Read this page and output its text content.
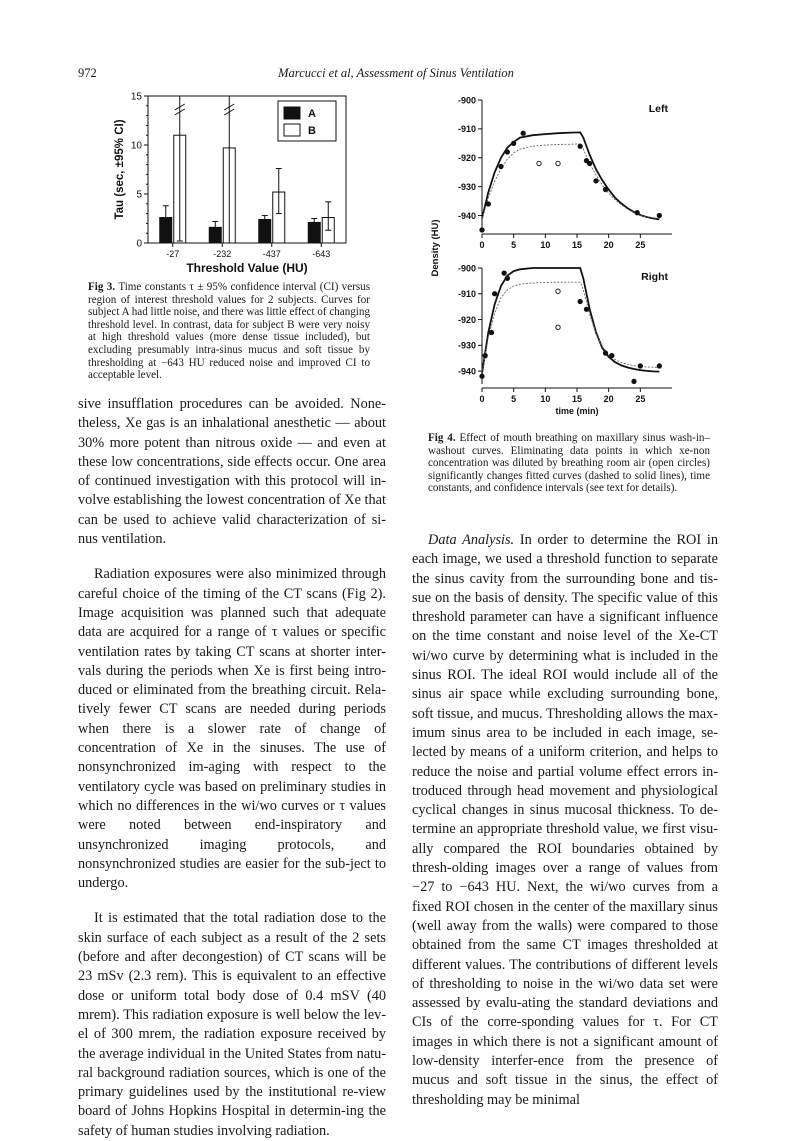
972	Marcucci et al, Assessment of Sinus Ventilation
0
5
10
15
-27	-232	-437	-643
A
B
Threshold Value (HU)
Tau (sec, ±95% CI)
Fig 3. Time constants τ ± 95% confidence interval (CI) versus region of interest threshold values for 2 subjects. Curves for subject A had little noise, and there was little effect of changing threshold level. In contrast, data for subject B were very noisy at high threshold values (more dense tissue included), but excluding presumably intra-sinus mucus and soft tissue by thresholding at −643 HU reduced noise and improved CI to acceptable level.
-900
-910
-920
-930
-940
0	5	10 15 20 25
Left
-900
-910
-920
-930
-940
0	5	10 15 20 25
Right
time (min)
Density (HU)
Fig 4. Effect of mouth breathing on maxillary sinus wash-in–washout curves. Eliminating data points in which xe-non concentration was diluted by breathing room air (open circles) significantly changes fitted curves (dashed to solid lines), time constants, and confidence intervals (see text for details).

sive insufflation procedures can be avoided. None-theless, Xe gas is an inhalational anesthetic — about 30% more potent than nitrous oxide — and even at these low concentrations, side effects occur. One area of continued investigation with this protocol will in-volve establishing the lowest concentration of Xe that can be used to achieve valid characterization of si-nus ventilation.

Radiation exposures were also minimized through careful choice of the timing of the CT scans (Fig 2). Image acquisition was planned such that adequate data are acquired for a range of τ values or specific ventilation rates by taking CT scans at shorter inter-vals during the periods when Xe is first being intro-duced or eliminated from the breathing circuit. Rela-tively fewer CT scans are needed during periods when there is a slower rate of change of concentration of Xe in the sinuses. The use of nonsynchronized im-aging with respect to the ventilatory cycle was based on preliminary studies in which no differences in the wi/wo curves or τ values were noted between end-inspiratory and unsynchronized imaging protocols, and nonsynchronized studies are easier for the sub-ject to undergo.

It is estimated that the total radiation dose to the skin surface of each subject as a result of the 2 sets (before and after decongestion) of CT scans will be 23 mSv (2.3 rem). This is equivalent to an effective dose or uniform total body dose of 0.4 mSV (40 mrem). This radiation exposure is well below the lev-el of 300 mrem, the radiation exposure received by the average individual in the United States from natu-ral background radiation sources, which is one of the primary guidelines used by the institutional re-view board of Johns Hopkins Hospital in determin-ing the safety of human studies involving radiation.

Data Analysis. In order to determine the ROI in each image, we used a threshold function to separate the sinus cavity from the surrounding bone and tis-sue on the basis of density. The specific value of this threshold parameter can have a significant influence on the time constant and noise level of the Xe-CT wi/wo curve by determining what is included in the sinus ROI. The ideal ROI would include all of the sinus air space while excluding surrounding bone, soft tissue, and mucus. Thresholding allows the max-imum sinus area to be included in each image, se-lected by means of a uniform criterion, and helps to reduce the noise and partial volume effect errors in-troduced through head movement and physiological cyclical changes in sinus mucosal thickness. To de-termine an appropriate threshold value, we first visu-ally compared the ROI boundaries obtained by thresh-olding images over a range of values from −27 to −643 HU. Next, the wi/wo curves from a fixed ROI chosen in the center of the maxillary sinus (well away from the walls) were compared to those obtained from the same CT images thresholded at different values. The contributions of different levels of thresholding to noise in the wi/wo data set were assessed by evalu-ating the standard deviations and CIs of the corre-sponding values for τ. For CT images in which there is not a significant amount of low-density interfer-ence from the presence of mucus and soft tissue in the sinus, the effect of thresholding may be minimal
